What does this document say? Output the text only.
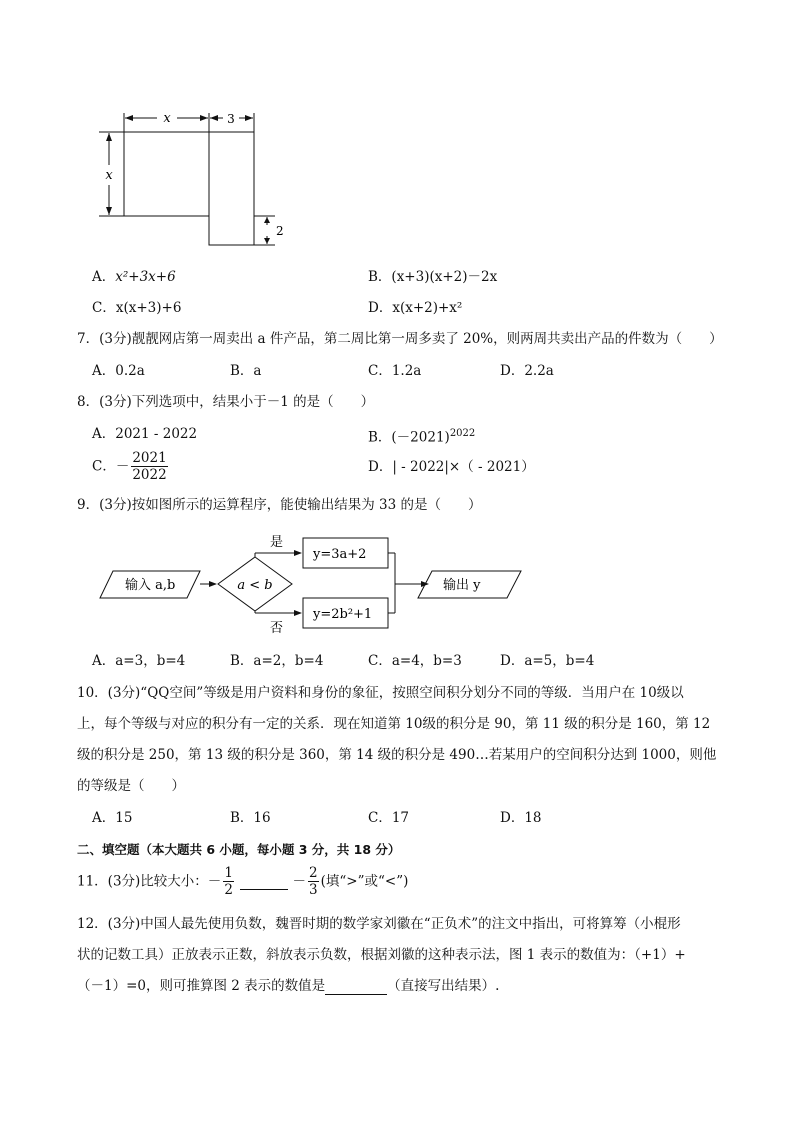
x	3
x
2
A．x²+3x+6	B．(x+3)(x+2)－2x
C．x(x+3)+6	D．x(x+2)+x²
7．(3分)靓靓网店第一周卖出 a 件产品，第二周比第一周多卖了 20%，则两周共卖出产品的件数为（　　）
A．0.2a	B．a	C．1.2a	D．2.2a
8．(3分)下列选项中，结果小于－1 的是（　　）
A．2021 - 2022	B．$(-2021)^{2022}$
C．－ $\frac{2021}{2022}$	D．| - 2022|×（ - 2021）
9．(3分)按如图所示的运算程序，能使输出结果为 33 的是（　　）
输入 a,b	a < b
是
否
y=3a+2
y=2b²+1
输出 y
A．a=3，b=4	B．a=2，b=4	C．a=4，b=3	D．a=5，b=4
10．(3分)“QQ空间”等级是用户资料和身份的象征，按照空间积分划分不同的等级．当用户在 10级以
上，每个等级与对应的积分有一定的关系．现在知道第 10级的积分是 90，第 11 级的积分是 160，第 12
级的积分是 250，第 13 级的积分是 360，第 14 级的积分是 490…若某用户的空间积分达到 1000，则他
的等级是（　　）
A．15	B．16	C．17	D．18
二、填空题（本大题共 6 小题，每小题 3 分，共 18 分）
11．(3分)比较大小：－ $\frac{1}{2}$	－ $\frac{2}{3}$ (填“>”或“<”)
12．(3分)中国人最先使用负数，魏晋时期的数学家刘徽在“正负术”的注文中指出，可将算筹（小棍形
状的记数工具）正放表示正数，斜放表示负数，根据刘徽的这种表示法，图 1 表示的数值为：（+1）+
（－1）=0，则可推算图 2 表示的数值是	（直接写出结果）.
